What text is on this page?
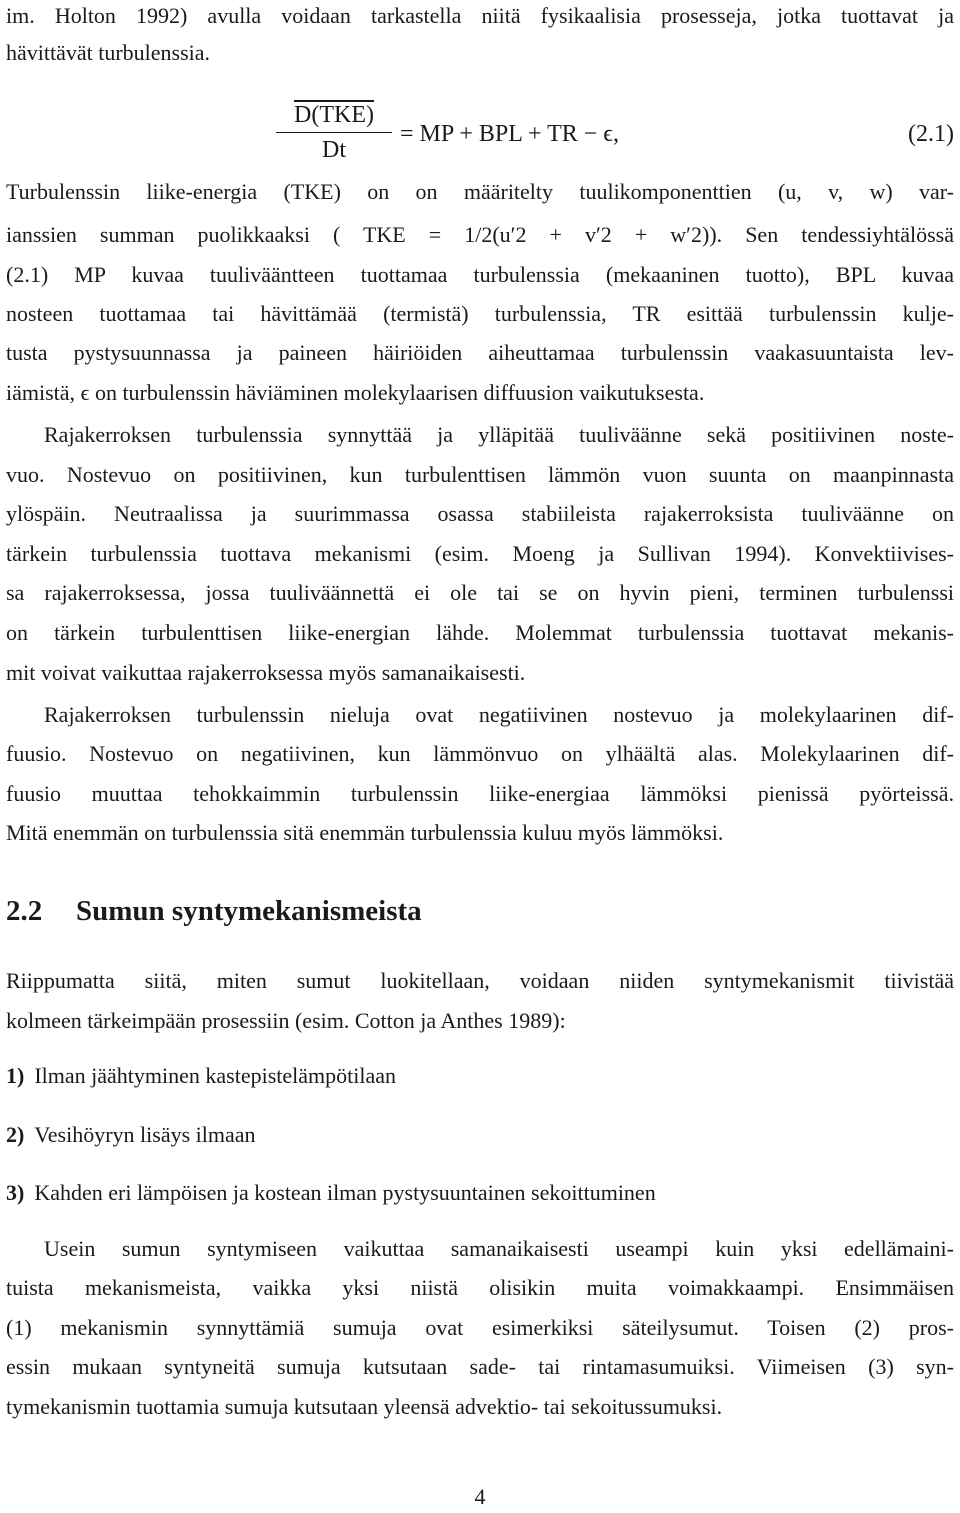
im. Holton 1992) avulla voidaan tarkastella niitä fysikaalisia prosesseja, jotka tuottavat ja
hävittävät turbulenssia.
D(TKE)
Dt
= MP + BPL + TR − ϵ,	(2.1)
Turbulenssin liike-energia (TKE) on on määritelty tuulikomponenttien (u, v, w) var-
ianssien summan puolikkaaksi ( TKE = 1/2(u′2 + v′2 + w′2)). Sen tendessiyhtälössä
(2.1) MP kuvaa tuulivääntteen tuottamaa turbulenssia (mekaaninen tuotto), BPL kuvaa
nosteen tuottamaa tai hävittämää (termistä) turbulenssia, TR esittää turbulenssin kulje-
tusta pystysuunnassa ja paineen häiriöiden aiheuttamaa turbulenssin vaakasuuntaista lev-
iämistä, ϵ on turbulenssin häviäminen molekylaarisen diffuusion vaikutuksesta.
Rajakerroksen turbulenssia synnyttää ja ylläpitää tuuliväänne sekä positiivinen noste-
vuo. Nostevuo on positiivinen, kun turbulenttisen lämmön vuon suunta on maanpinnasta
ylöspäin. Neutraalissa ja suurimmassa osassa stabiileista rajakerroksista tuuliväänne on
tärkein turbulenssia tuottava mekanismi (esim. Moeng ja Sullivan 1994). Konvektiivises-
sa rajakerroksessa, jossa tuuliväännettä ei ole tai se on hyvin pieni, terminen turbulenssi
on tärkein turbulenttisen liike-energian lähde. Molemmat turbulenssia tuottavat mekanis-
mit voivat vaikuttaa rajakerroksessa myös samanaikaisesti.
Rajakerroksen turbulenssin nieluja ovat negatiivinen nostevuo ja molekylaarinen dif-
fuusio. Nostevuo on negatiivinen, kun lämmönvuo on ylhäältä alas. Molekylaarinen dif-
fuusio muuttaa tehokkaimmin turbulenssin liike-energiaa lämmöksi pienissä pyörteissä.
Mitä enemmän on turbulenssia sitä enemmän turbulenssia kuluu myös lämmöksi.
2.2 Sumun syntymekanismeista
Riippumatta siitä, miten sumut luokitellaan, voidaan niiden syntymekanismit tiivistää
kolmeen tärkeimpään prosessiin (esim. Cotton ja Anthes 1989):
1) Ilman jäähtyminen kastepistelämpötilaan
2) Vesihöyryn lisäys ilmaan
3) Kahden eri lämpöisen ja kostean ilman pystysuuntainen sekoittuminen
Usein sumun syntymiseen vaikuttaa samanaikaisesti useampi kuin yksi edellämaini-
tuista mekanismeista, vaikka yksi niistä olisikin muita voimakkaampi. Ensimmäisen
(1) mekanismin synnyttämiä sumuja ovat esimerkiksi säteilysumut. Toisen (2) pros-
essin mukaan syntyneitä sumuja kutsutaan sade- tai rintamasumuiksi. Viimeisen (3) syn-
tymekanismin tuottamia sumuja kutsutaan yleensä advektio- tai sekoitussumuksi.
4
